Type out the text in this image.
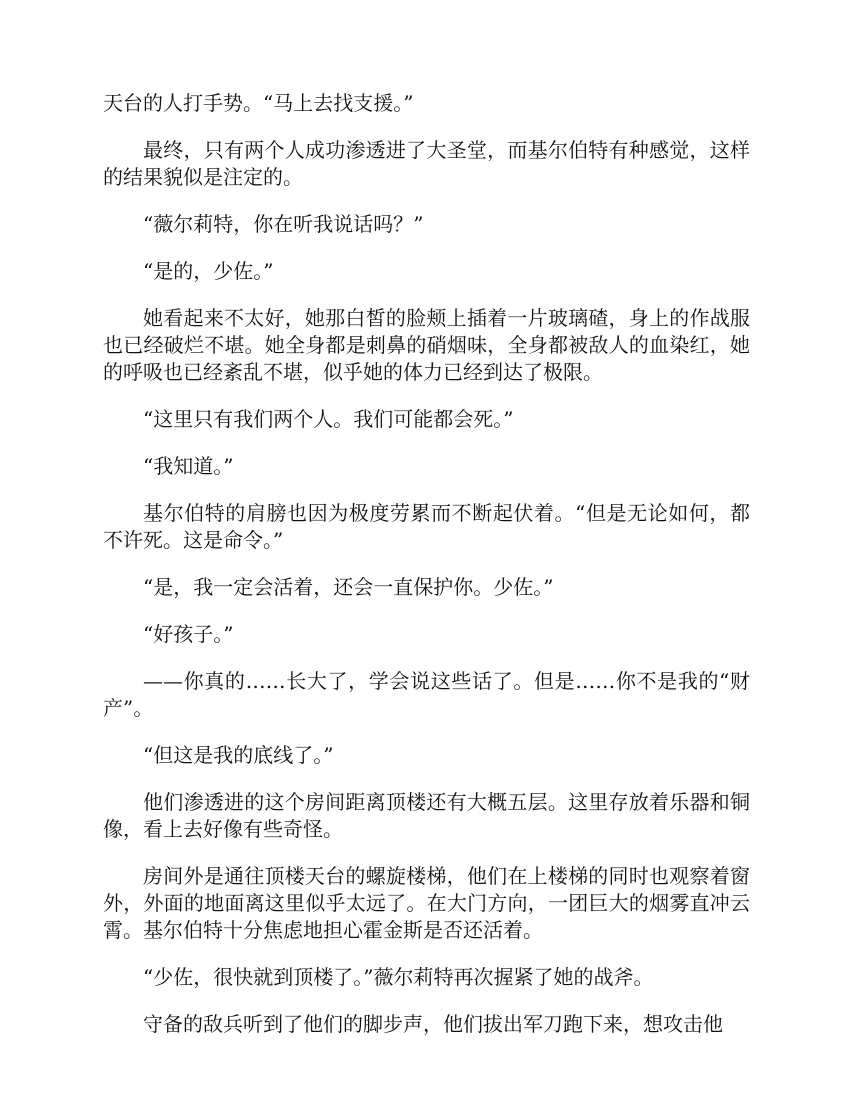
天台的人打手势。“马上去找支援。”

最终，只有两个人成功渗透进了大圣堂，而基尔伯特有种感觉，这样的结果貌似是注定的。

“薇尔莉特，你在听我说话吗？”

“是的，少佐。”

她看起来不太好，她那白皙的脸颊上插着一片玻璃碴，身上的作战服也已经破烂不堪。她全身都是刺鼻的硝烟味，全身都被敌人的血染红，她的呼吸也已经紊乱不堪，似乎她的体力已经到达了极限。

“这里只有我们两个人。我们可能都会死。”

“我知道。”

基尔伯特的肩膀也因为极度劳累而不断起伏着。“但是无论如何，都不许死。这是命令。”

“是，我一定会活着，还会一直保护你。少佐。”

“好孩子。”

——你真的……长大了，学会说这些话了。但是……你不是我的“财产”。

“但这是我的底线了。”

他们渗透进的这个房间距离顶楼还有大概五层。这里存放着乐器和铜像，看上去好像有些奇怪。

房间外是通往顶楼天台的螺旋楼梯，他们在上楼梯的同时也观察着窗外，外面的地面离这里似乎太远了。在大门方向，一团巨大的烟雾直冲云霄。基尔伯特十分焦虑地担心霍金斯是否还活着。

“少佐，很快就到顶楼了。”薇尔莉特再次握紧了她的战斧。

守备的敌兵听到了他们的脚步声，他们拔出军刀跑下来，想攻击他
